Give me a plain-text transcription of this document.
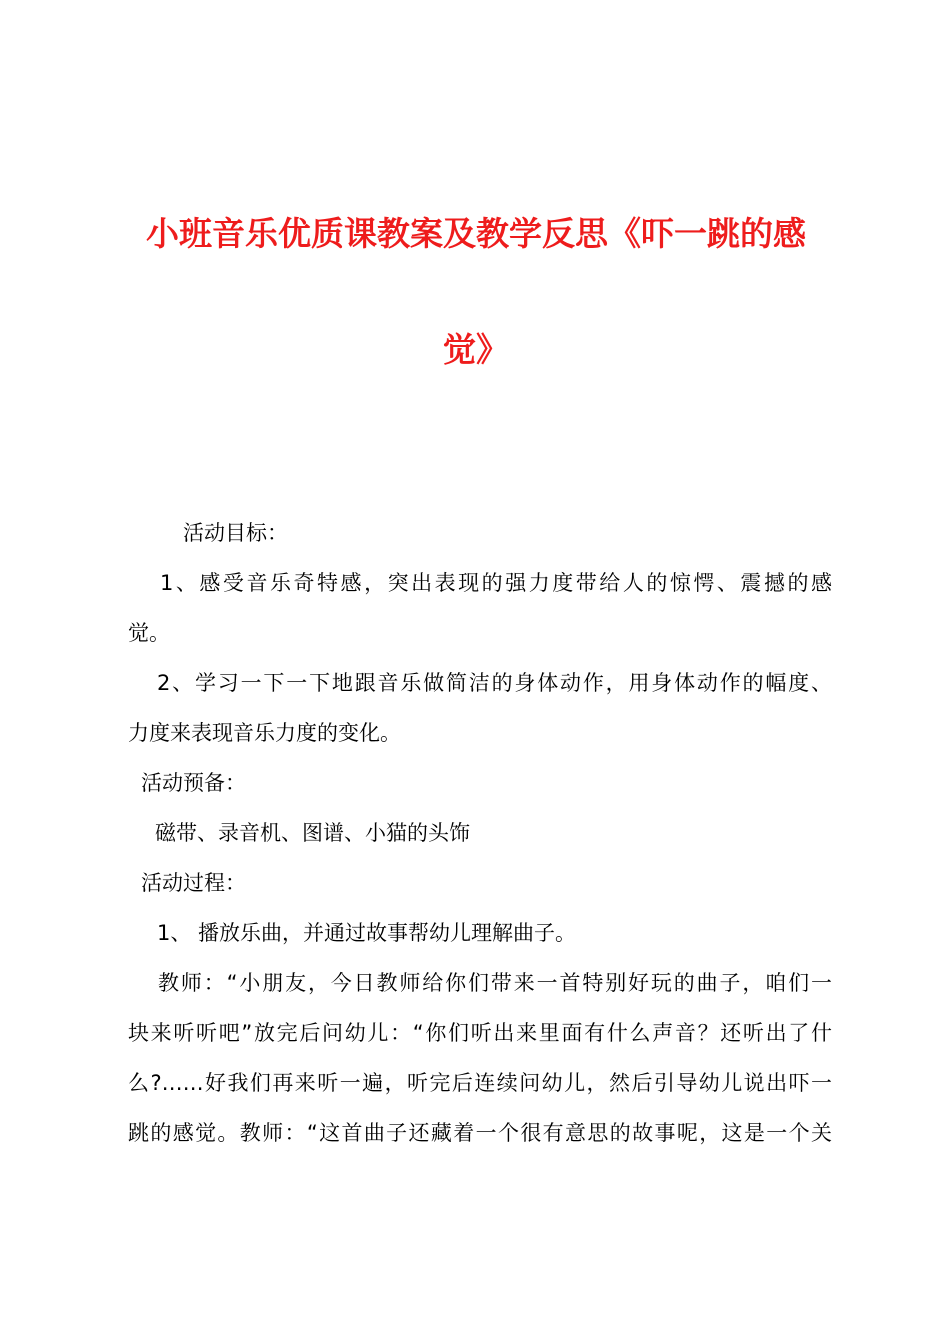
小班音乐优质课教案及教学反思《吓一跳的感
觉》
活动目标：
1、感受音乐奇特感，突出表现的强力度带给人的惊愕、震撼的感
觉。
2、学习一下一下地跟音乐做简洁的身体动作，用身体动作的幅度、
力度来表现音乐力度的变化。
活动预备：
磁带、录音机、图谱、小猫的头饰
活动过程：
1、 播放乐曲，并通过故事帮幼儿理解曲子。
教师：“小朋友，今日教师给你们带来一首特别好玩的曲子，咱们一
块来听听吧”放完后问幼儿：“你们听出来里面有什么声音？还听出了什
么?……好我们再来听一遍，听完后连续问幼儿，然后引导幼儿说出吓一
跳的感觉。教师：“这首曲子还藏着一个很有意思的故事呢，这是一个关
